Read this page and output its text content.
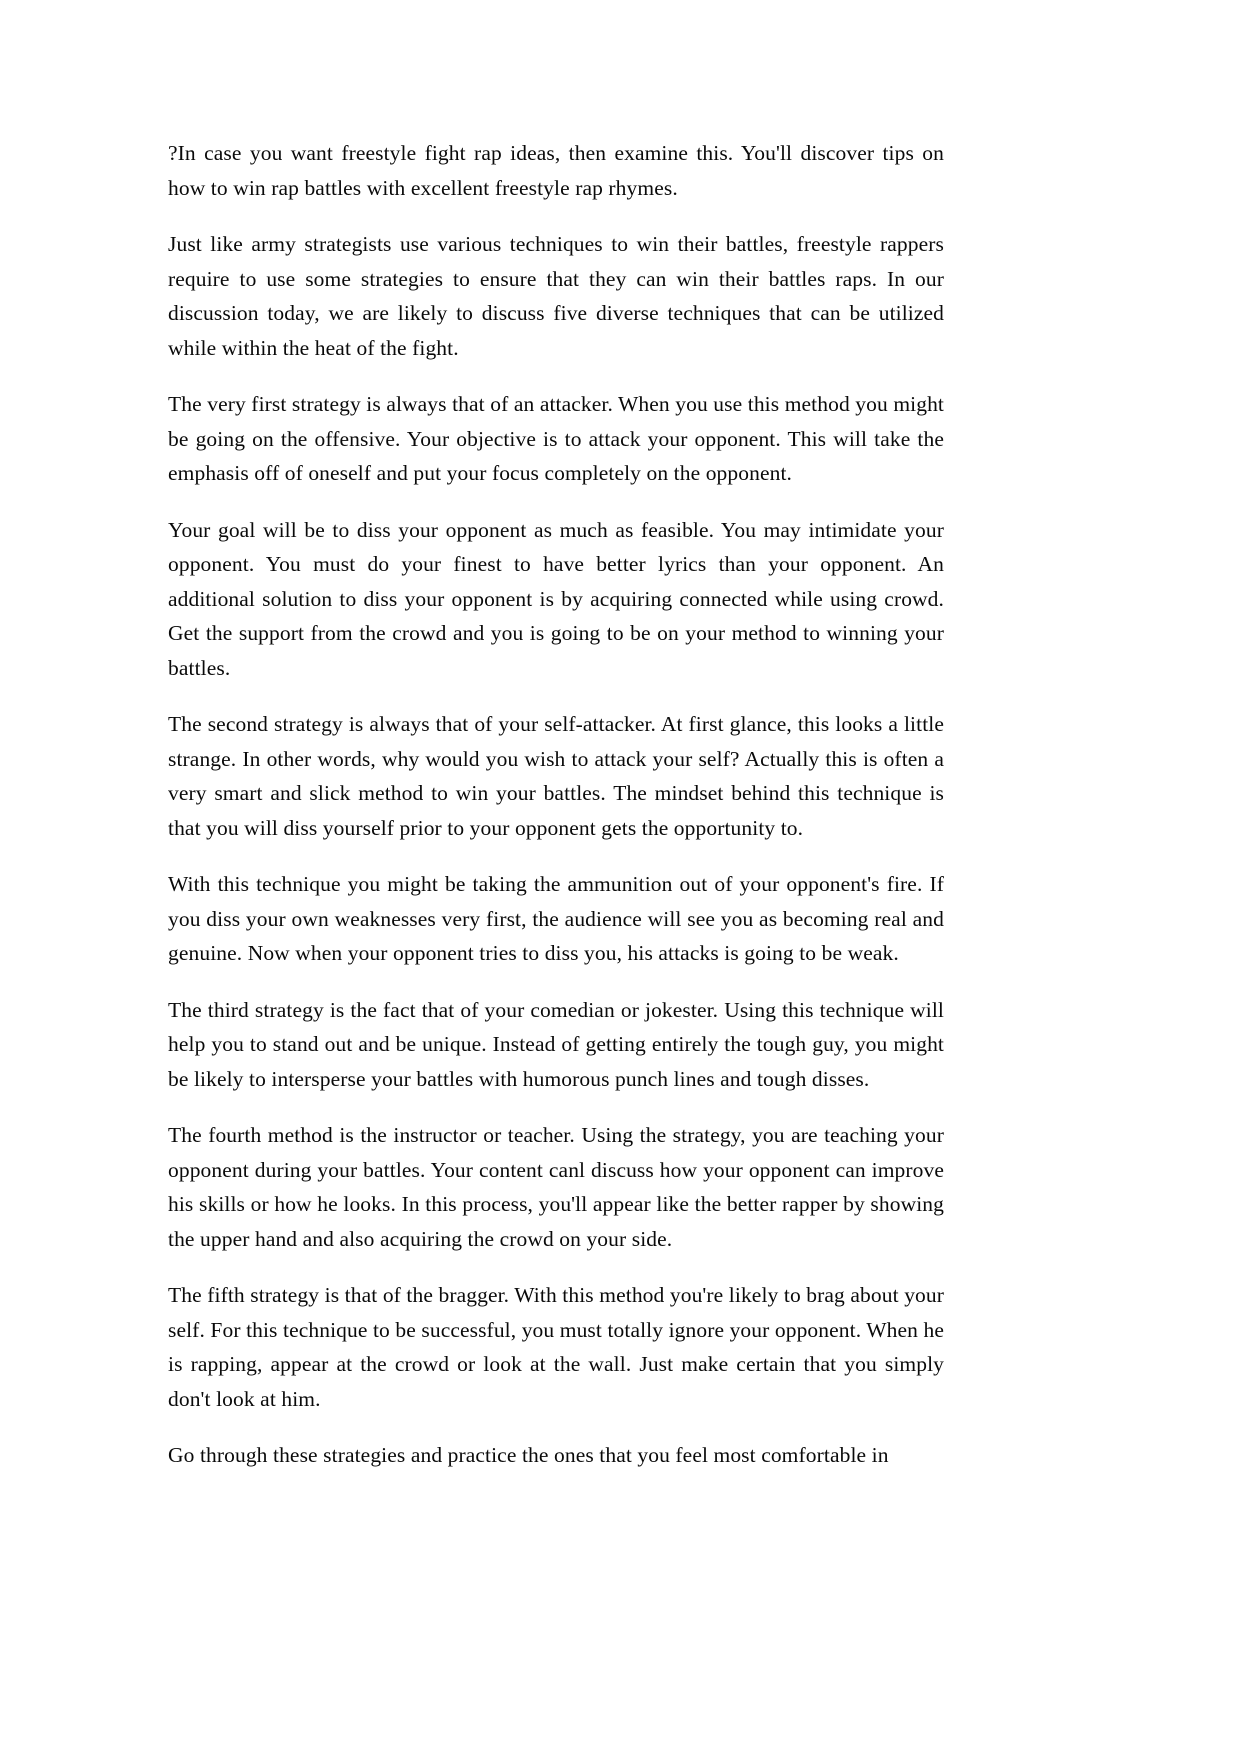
?In case you want freestyle fight rap ideas, then examine this. You'll discover tips on how to win rap battles with excellent freestyle rap rhymes.

Just like army strategists use various techniques to win their battles, freestyle rappers require to use some strategies to ensure that they can win their battles raps. In our discussion today, we are likely to discuss five diverse techniques that can be utilized while within the heat of the fight.

The very first strategy is always that of an attacker. When you use this method you might be going on the offensive. Your objective is to attack your opponent. This will take the emphasis off of oneself and put your focus completely on the opponent.

Your goal will be to diss your opponent as much as feasible. You may intimidate your opponent. You must do your finest to have better lyrics than your opponent. An additional solution to diss your opponent is by acquiring connected while using crowd. Get the support from the crowd and you is going to be on your method to winning your battles.

The second strategy is always that of your self-attacker. At first glance, this looks a little strange. In other words, why would you wish to attack your self? Actually this is often a very smart and slick method to win your battles. The mindset behind this technique is that you will diss yourself prior to your opponent gets the opportunity to.

With this technique you might be taking the ammunition out of your opponent's fire. If you diss your own weaknesses very first, the audience will see you as becoming real and genuine. Now when your opponent tries to diss you, his attacks is going to be weak.

The third strategy is the fact that of your comedian or jokester. Using this technique will help you to stand out and be unique. Instead of getting entirely the tough guy, you might be likely to intersperse your battles with humorous punch lines and tough disses.

The fourth method is the instructor or teacher. Using the strategy, you are teaching your opponent during your battles. Your content canl discuss how your opponent can improve his skills or how he looks. In this process, you'll appear like the better rapper by showing the upper hand and also acquiring the crowd on your side.

The fifth strategy is that of the bragger. With this method you're likely to brag about your self. For this technique to be successful, you must totally ignore your opponent. When he is rapping, appear at the crowd or look at the wall. Just make certain that you simply don't look at him.

Go through these strategies and practice the ones that you feel most comfortable in
